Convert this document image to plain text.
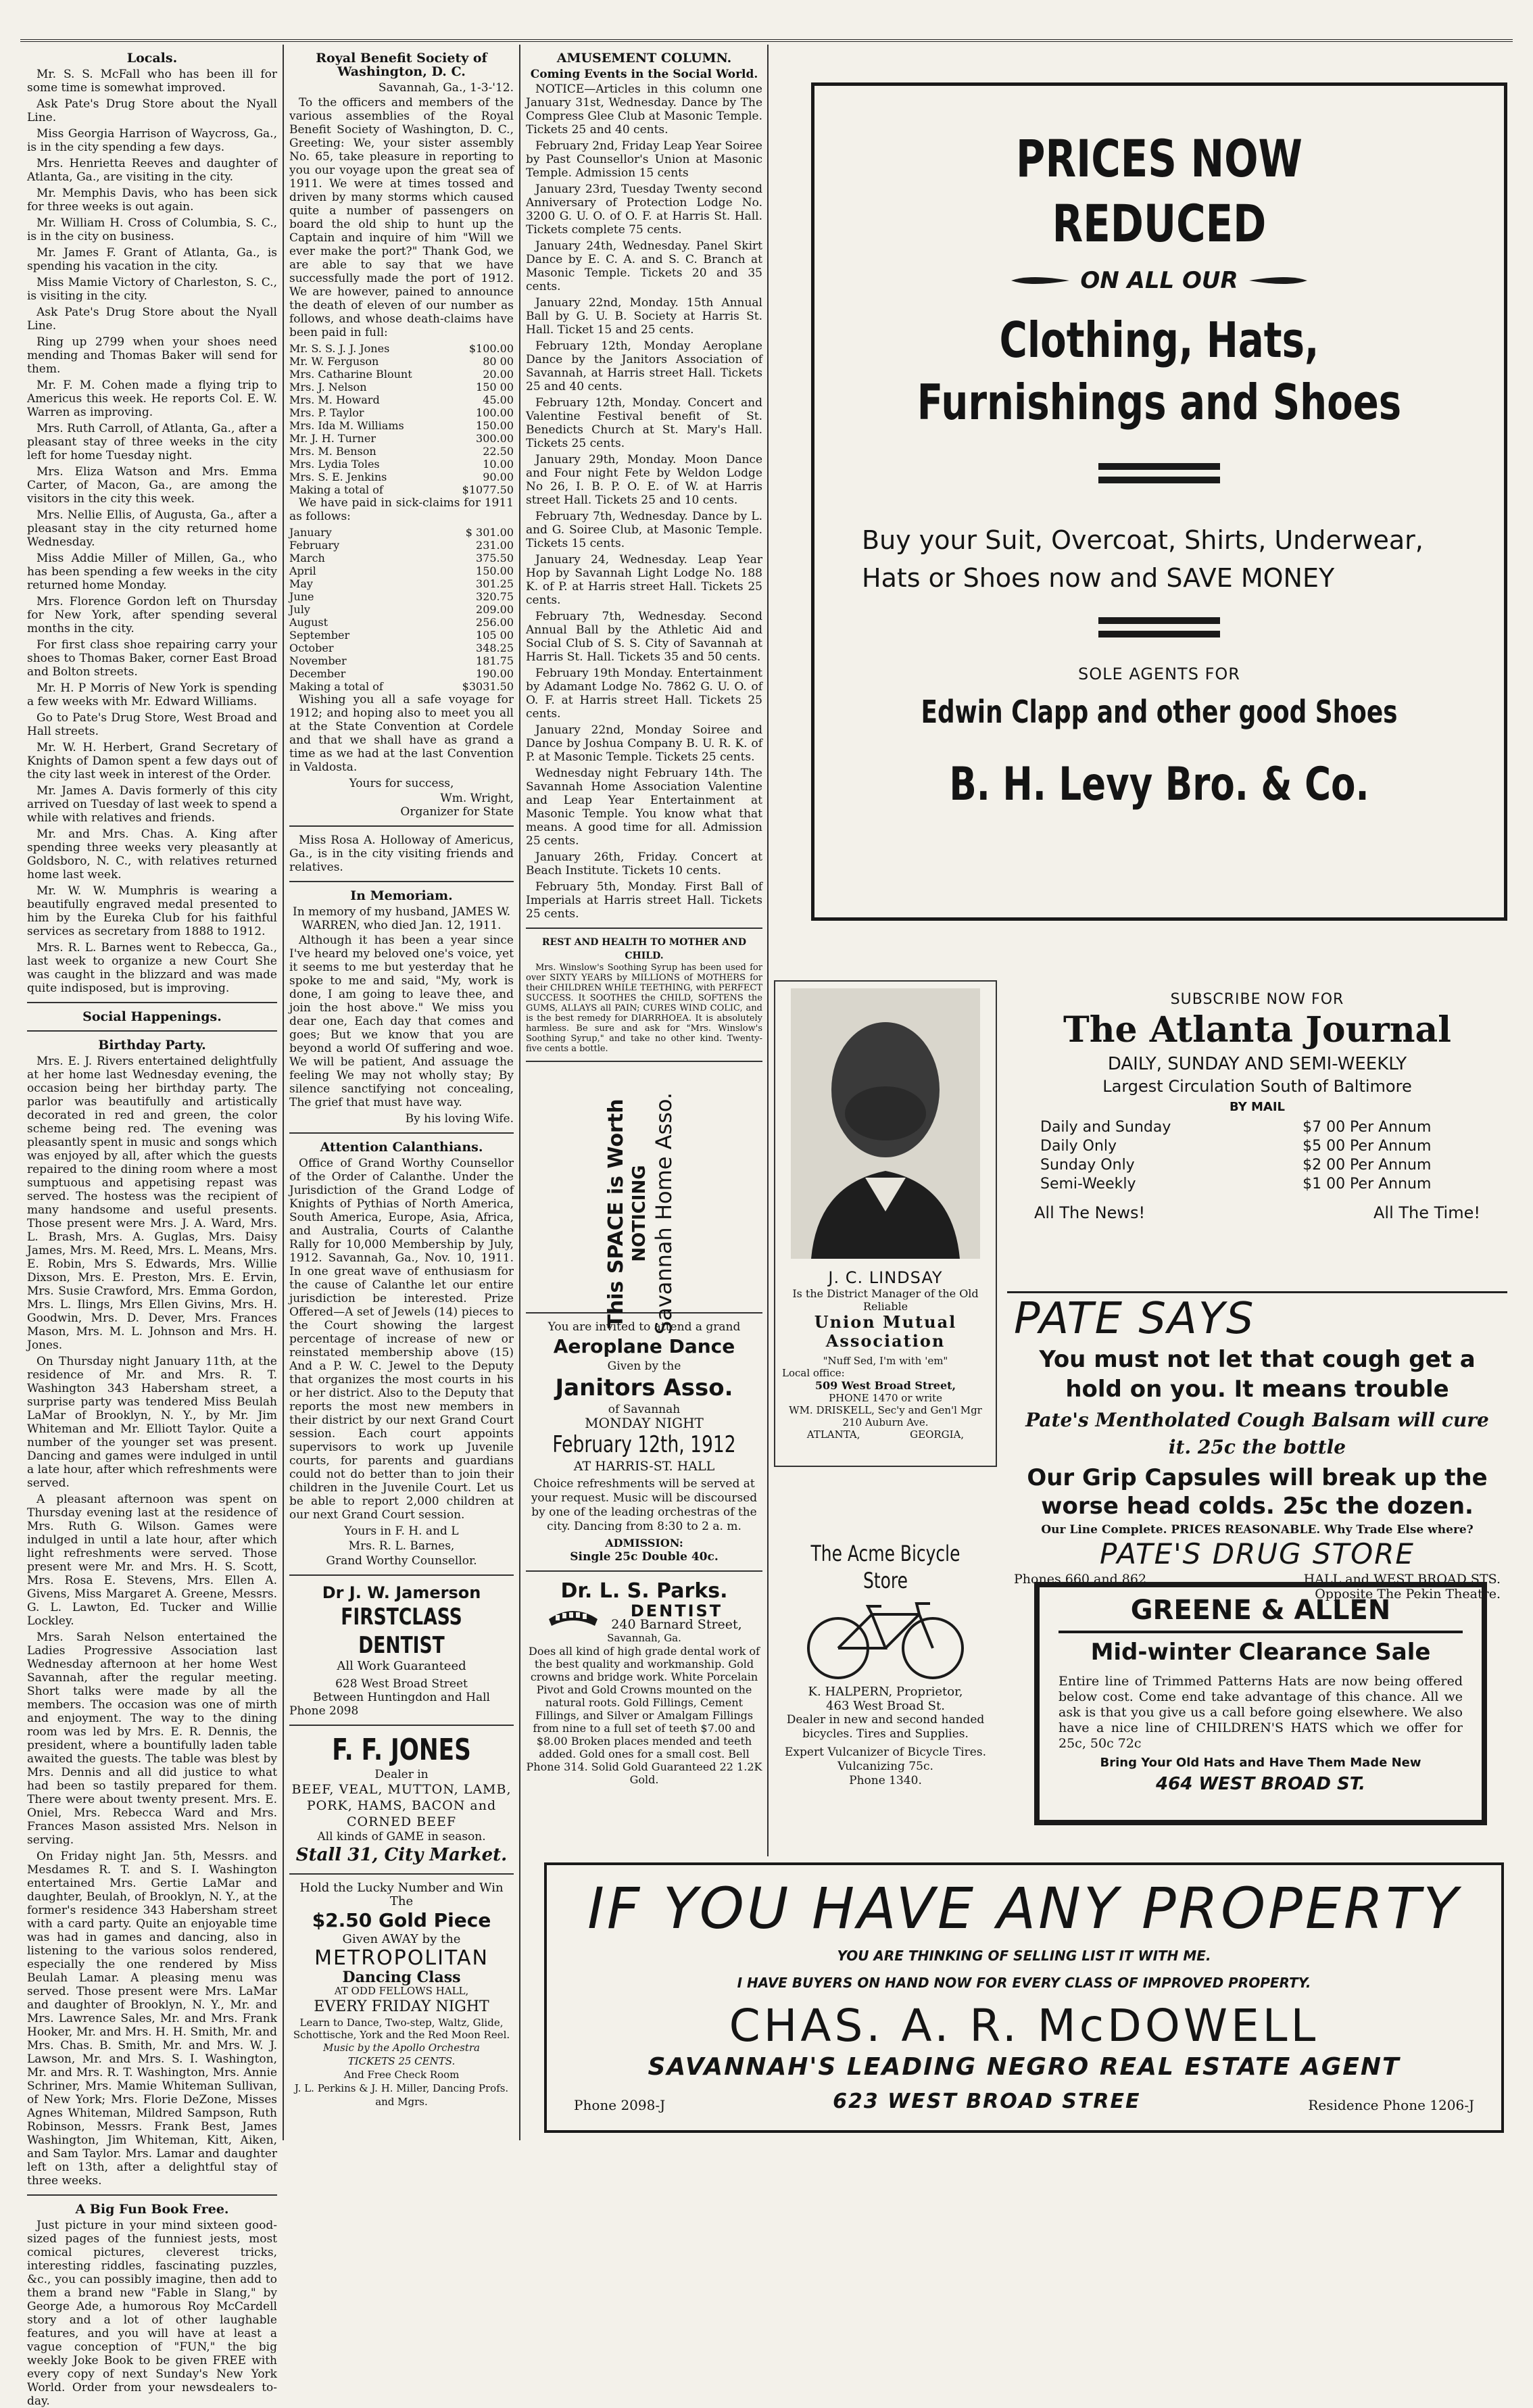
Locals.

Mr. S. S. McFall who has been ill for some time is somewhat improved.

Ask Pate's Drug Store about the Nyall Line.

Miss Georgia Harrison of Waycross, Ga., is in the city spending a few days.

Mrs. Henrietta Reeves and daughter of Atlanta, Ga., are visiting in the city.

Mr. Memphis Davis, who has been sick for three weeks is out again.

Mr. William H. Cross of Columbia, S. C., is in the city on business.

Mr. James F. Grant of Atlanta, Ga., is spending his vacation in the city.

Miss Mamie Victory of Charleston, S. C., is visiting in the city.

Ask Pate's Drug Store about the Nyall Line.

Ring up 2799 when your shoes need mending and Thomas Baker will send for them.

Mr. F. M. Cohen made a flying trip to Americus this week. He reports Col. E. W. Warren as improving.

Mrs. Ruth Carroll, of Atlanta, Ga., after a pleasant stay of three weeks in the city left for home Tuesday night.

Mrs. Eliza Watson and Mrs. Emma Carter, of Macon, Ga., are among the visitors in the city this week.

Mrs. Nellie Ellis, of Augusta, Ga., after a pleasant stay in the city returned home Wednesday.

Miss Addie Miller of Millen, Ga., who has been spending a few weeks in the city returned home Monday.

Mrs. Florence Gordon left on Thursday for New York, after spending several months in the city.

For first class shoe repairing carry your shoes to Thomas Baker, corner East Broad and Bolton streets.

Mr. H. P Morris of New York is spending a few weeks with Mr. Edward Williams.

Go to Pate's Drug Store, West Broad and Hall streets.

Mr. W. H. Herbert, Grand Secretary of Knights of Damon spent a few days out of the city last week in interest of the Order.

Mr. James A. Davis formerly of this city arrived on Tuesday of last week to spend a while with relatives and friends.

Mr. and Mrs. Chas. A. King after spending three weeks very pleasantly at Goldsboro, N. C., with relatives returned home last week.

Mr. W. W. Mumphris is wearing a beautifully engraved medal presented to him by the Eureka Club for his faithful services as secretary from 1888 to 1912.

Mrs. R. L. Barnes went to Rebecca, Ga., last week to organize a new Court She was caught in the blizzard and was made quite indisposed, but is improving.

Social Happenings.
Birthday Party.

Mrs. E. J. Rivers entertained delightfully at her home last Wednesday evening, the occasion being her birthday party. The parlor was beautifully and artistically decorated in red and green, the color scheme being red. The evening was pleasantly spent in music and songs which was enjoyed by all, after which the guests repaired to the dining room where a most sumptuous and appetising repast was served. The hostess was the recipient of many handsome and useful presents. Those present were Mrs. J. A. Ward, Mrs. L. Brash, Mrs. A. Guglas, Mrs. Daisy James, Mrs. M. Reed, Mrs. L. Means, Mrs. E. Robin, Mrs S. Edwards, Mrs. Willie Dixson, Mrs. E. Preston, Mrs. E. Ervin, Mrs. Susie Crawford, Mrs. Emma Gordon, Mrs. L. Ilings, Mrs Ellen Givins, Mrs. H. Goodwin, Mrs. D. Dever, Mrs. Frances Mason, Mrs. M. L. Johnson and Mrs. H. Jones.

On Thursday night January 11th, at the residence of Mr. and Mrs. R. T. Washington 343 Habersham street, a surprise party was tendered Miss Beulah LaMar of Brooklyn, N. Y., by Mr. Jim Whiteman and Mr. Elliott Taylor. Quite a number of the younger set was present. Dancing and games were indulged in until a late hour, after which refreshments were served.

A pleasant afternoon was spent on Thursday evening last at the residence of Mrs. Ruth G. Wilson. Games were indulged in until a late hour, after which light refreshments were served. Those present were Mr. and Mrs. H. S. Scott, Mrs. Rosa E. Stevens, Mrs. Ellen A. Givens, Miss Margaret A. Greene, Messrs. G. L. Lawton, Ed. Tucker and Willie Lockley.

Mrs. Sarah Nelson entertained the Ladies Progressive Association last Wednesday afternoon at her home West Savannah, after the regular meeting. Short talks were made by all the members. The occasion was one of mirth and enjoyment. The way to the dining room was led by Mrs. E. R. Dennis, the president, where a bountifully laden table awaited the guests. The table was blest by Mrs. Dennis and all did justice to what had been so tastily prepared for them. There were about twenty present. Mrs. E. Oniel, Mrs. Rebecca Ward and Mrs. Frances Mason assisted Mrs. Nelson in serving.

On Friday night Jan. 5th, Messrs. and Mesdames R. T. and S. I. Washington entertained Mrs. Gertie LaMar and daughter, Beulah, of Brooklyn, N. Y., at the former's residence 343 Habersham street with a card party. Quite an enjoyable time was had in games and dancing, also in listening to the various solos rendered, especially the one rendered by Miss Beulah Lamar. A pleasing menu was served. Those present were Mrs. LaMar and daughter of Brooklyn, N. Y., Mr. and Mrs. Lawrence Sales, Mr. and Mrs. Frank Hooker, Mr. and Mrs. H. H. Smith, Mr. and Mrs. Chas. B. Smith, Mr. and Mrs. W. J. Lawson, Mr. and Mrs. S. I. Washington, Mr. and Mrs. R. T. Washington, Mrs. Annie Schriner, Mrs. Mamie Whiteman Sullivan, of New York; Mrs. Florie DeZone, Misses Agnes Whiteman, Mildred Sampson, Ruth Robinson, Messrs. Frank Best, James Washington, Jim Whiteman, Kitt, Aiken, and Sam Taylor. Mrs. Lamar and daughter left on 13th, after a delightful stay of three weeks.

A Big Fun Book Free.

Just picture in your mind sixteen good-sized pages of the funniest jests, most comical pictures, cleverest tricks, interesting riddles, fascinating puzzles, &c., you can possibly imagine, then add to them a brand new "Fable in Slang," by George Ade, a humorous Roy McCardell story and a lot of other laughable features, and you will have at least a vague conception of "FUN," the big weekly Joke Book to be given FREE with every copy of next Sunday's New York World. Order from your newsdealers to-day.

Royal Benefit Society of Washington, D. C.
Savannah, Ga., 1-3-'12.

To the officers and members of the various assemblies of the Royal Benefit Society of Washington, D. C., Greeting: We, your sister assembly No. 65, take pleasure in reporting to you our voyage upon the great sea of 1911. We were at times tossed and driven by many storms which caused quite a number of passengers on board the old ship to hunt up the Captain and inquire of him "Will we ever make the port?" Thank God, we are able to say that we have successfully made the port of 1912. We are however, pained to announce the death of eleven of our number as follows, and whose death-claims have been paid in full:

Mr. S. S. J. J. Jones	$100.00
Mr. W. Ferguson	80 00
Mrs. Catharine Blount	20.00
Mrs. J. Nelson	150 00
Mrs. M. Howard	45.00
Mrs. P. Taylor	100.00
Mrs. Ida M. Williams	150.00
Mr. J. H. Turner	300.00
Mrs. M. Benson	22.50
Mrs. Lydia Toles	10.00
Mrs. S. E. Jenkins	90.00
Making a total of	$1077.50

We have paid in sick-claims for 1911 as follows:

January	$ 301.00
February	231.00
March	375.50
April	150.00
May	301.25
June	320.75
July	209.00
August	256.00
September	105 00
October	348.25
November	181.75
December	190.00
Making a total of	$3031.50

Wishing you all a safe voyage for 1912; and hoping also to meet you all at the State Convention at Cordele and that we shall have as grand a time as we had at the last Convention in Valdosta.

Yours for success,
Wm. Wright,
Organizer for State

Miss Rosa A. Holloway of Americus, Ga., is in the city visiting friends and relatives.

In Memoriam.
In memory of my husband, JAMES W. WARREN, who died Jan. 12, 1911.

Although it has been a year since I've heard my beloved one's voice, yet it seems to me but yesterday that he spoke to me and said, "My, work is done, I am going to leave thee, and join the host above." We miss you dear one, Each day that comes and goes; But we know that you are beyond a world Of suffering and woe. We will be patient, And assuage the feeling We may not wholly stay; By silence sanctifying not concealing, The grief that must have way.

By his loving Wife.
Attention Calanthians.

Office of Grand Worthy Counsellor of the Order of Calanthe. Under the Jurisdiction of the Grand Lodge of Knights of Pythias of North America, South America, Europe, Asia, Africa, and Australia, Courts of Calanthe Rally for 10,000 Membership by July, 1912. Savannah, Ga., Nov. 10, 1911. In one great wave of enthusiasm for the cause of Calanthe let our entire jurisdiction be interested. Prize Offered—A set of Jewels (14) pieces to the Court showing the largest percentage of increase of new or reinstated membership above (15) And a P. W. C. Jewel to the Deputy that organizes the most courts in his or her district. Also to the Deputy that reports the most new members in their district by our next Grand Court session. Each court appoints supervisors to work up Juvenile courts, for parents and guardians could not do better than to join their children in the Juvenile Court. Let us be able to report 2,000 children at our next Grand Court session.

Yours in F. H. and L
Mrs. R. L. Barnes,
Grand Worthy Counsellor.
Dr J. W. Jamerson
FIRSTCLASS DENTIST
All Work Guaranteed
628 West Broad Street
Between Huntingdon and Hall
Phone 2098
F. F. JONES
Dealer in
BEEF, VEAL, MUTTON, LAMB, PORK, HAMS, BACON and CORNED BEEF
All kinds of GAME in season.
Stall 31, City Market.
Hold the Lucky Number and Win The
$2.50 Gold Piece
Given AWAY by the
METROPOLITAN
Dancing Class
AT ODD FELLOWS HALL,
EVERY FRIDAY NIGHT
Learn to Dance, Two-step, Waltz, Glide, Schottische, York and the Red Moon Reel.
Music by the Apollo Orchestra
TICKETS 25 CENTS.
And Free Check Room
J. L. Perkins & J. H. Miller, Dancing Profs. and Mgrs.
AMUSEMENT COLUMN.
Coming Events in the Social World.

NOTICE—Articles in this column one January 31st, Wednesday. Dance by The Compress Glee Club at Masonic Temple. Tickets 25 and 40 cents.

February 2nd, Friday Leap Year Soiree by Past Counsellor's Union at Masonic Temple. Admission 15 cents

January 23rd, Tuesday Twenty second Anniversary of Protection Lodge No. 3200 G. U. O. of O. F. at Harris St. Hall. Tickets complete 75 cents.

January 24th, Wednesday. Panel Skirt Dance by E. C. A. and S. C. Branch at Masonic Temple. Tickets 20 and 35 cents.

January 22nd, Monday. 15th Annual Ball by G. U. B. Society at Harris St. Hall. Ticket 15 and 25 cents.

February 12th, Monday Aeroplane Dance by the Janitors Association of Savannah, at Harris street Hall. Tickets 25 and 40 cents.

February 12th, Monday. Concert and Valentine Festival benefit of St. Benedicts Church at St. Mary's Hall. Tickets 25 cents.

January 29th, Monday. Moon Dance and Four night Fete by Weldon Lodge No 26, I. B. P. O. E. of W. at Harris street Hall. Tickets 25 and 10 cents.

February 7th, Wednesday. Dance by L. and G. Soiree Club, at Masonic Temple. Tickets 15 cents.

January 24, Wednesday. Leap Year Hop by Savannah Light Lodge No. 188 K. of P. at Harris street Hall. Tickets 25 cents.

February 7th, Wednesday. Second Annual Ball by the Athletic Aid and Social Club of S. S. City of Savannah at Harris St. Hall. Tickets 35 and 50 cents.

February 19th Monday. Entertainment by Adamant Lodge No. 7862 G. U. O. of O. F. at Harris street Hall. Tickets 25 cents.

January 22nd, Monday Soiree and Dance by Joshua Company B. U. R. K. of P. at Masonic Temple. Tickets 25 cents.

Wednesday night February 14th. The Savannah Home Association Valentine and Leap Year Entertainment at Masonic Temple. You know what that means. A good time for all. Admission 25 cents.

January 26th, Friday. Concert at Beach Institute. Tickets 10 cents.

February 5th, Monday. First Ball of Imperials at Harris street Hall. Tickets 25 cents.

REST AND HEALTH TO MOTHER AND CHILD.

Mrs. Winslow's Soothing Syrup has been used for over SIXTY YEARS by MILLIONS of MOTHERS for their CHILDREN WHILE TEETHING, with PERFECT SUCCESS. It SOOTHES the CHILD, SOFTENS the GUMS, ALLAYS all PAIN; CURES WIND COLIC, and is the best remedy for DIARRHOEA. It is absolutely harmless. Be sure and ask for "Mrs. Winslow's Soothing Syrup," and take no other kind. Twenty-five cents a bottle.

This SPACE is Worth NOTICING Savannah Home Asso.
You are invited to attend a grand
Aeroplane Dance
Given by the
Janitors Asso.
of Savannah
MONDAY NIGHT
February 12th, 1912
AT HARRIS-ST. HALL

Choice refreshments will be served at your request. Music will be discoursed by one of the leading orchestras of the city. Dancing from 8:30 to 2 a. m.

ADMISSION:
Single 25c Double 40c.
Dr. L. S. Parks.
DENTIST
240 Barnard Street,
Savannah, Ga.

Does all kind of high grade dental work of the best quality and workmanship. Gold crowns and bridge work. White Porcelain Pivot and Gold Crowns mounted on the natural roots. Gold Fillings, Cement Fillings, and Silver or Amalgam Fillings from nine to a full set of teeth $7.00 and $8.00 Broken places mended and teeth added. Gold ones for a small cost. Bell Phone 314. Solid Gold Guaranteed 22 1.2K Gold.

PRICES NOW REDUCED
ON ALL OUR
Clothing, Hats, Furnishings and Shoes
Buy your Suit, Overcoat, Shirts, Underwear, Hats or Shoes now and SAVE MONEY
SOLE AGENTS FOR
Edwin Clapp and other good Shoes
B. H. Levy Bro. & Co.
J. C. LINDSAY
Is the District Manager of the Old Reliable
Union Mutual Association
"Nuff Sed, I'm with 'em"
Local office:
509 West Broad Street,
PHONE 1470 or write
WM. DRISKELL, Sec'y and Gen'l Mgr
210 Auburn Ave.
ATLANTA,	GEORGIA,
The Acme Bicycle Store
K. HALPERN, Proprietor,
463 West Broad St.
Dealer in new and second handed bicycles. Tires and Supplies.
Expert Vulcanizer of Bicycle Tires. Vulcanizing 75c.
Phone 1340.
SUBSCRIBE NOW FOR
The Atlanta Journal
DAILY, SUNDAY AND SEMI-WEEKLY
Largest Circulation South of Baltimore
BY MAIL
Daily and Sunday	$7 00 Per Annum
Daily Only	$5 00 Per Annum
Sunday Only	$2 00 Per Annum
Semi-Weekly	$1 00 Per Annum
All The News!	All The Time!
PATE SAYS
You must not let that cough get a hold on you. It means trouble
Pate's Mentholated Cough Balsam will cure it. 25c the bottle
Our Grip Capsules will break up the worse head colds. 25c the dozen.
Our Line Complete. PRICES REASONABLE. Why Trade Else where?
PATE'S DRUG STORE
Phones 660 and 862	HALL and WEST BROAD STS.
Opposite The Pekin Theatre.
GREENE & ALLEN
Mid-winter Clearance Sale

Entire line of Trimmed Patterns Hats are now being offered below cost. Come end take advantage of this chance. All we ask is that you give us a call before going elsewhere. We also have a nice line of CHILDREN'S HATS which we offer for 25c, 50c 72c

Bring Your Old Hats and Have Them Made New
464 WEST BROAD ST.
IF YOU HAVE ANY PROPERTY
YOU ARE THINKING OF SELLING LIST IT WITH ME.
I HAVE BUYERS ON HAND NOW FOR EVERY CLASS OF IMPROVED PROPERTY.
CHAS. A. R. McDOWELL
SAVANNAH'S LEADING NEGRO REAL ESTATE AGENT
Phone 2098-J	623 WEST BROAD STREE	Residence Phone 1206-J
